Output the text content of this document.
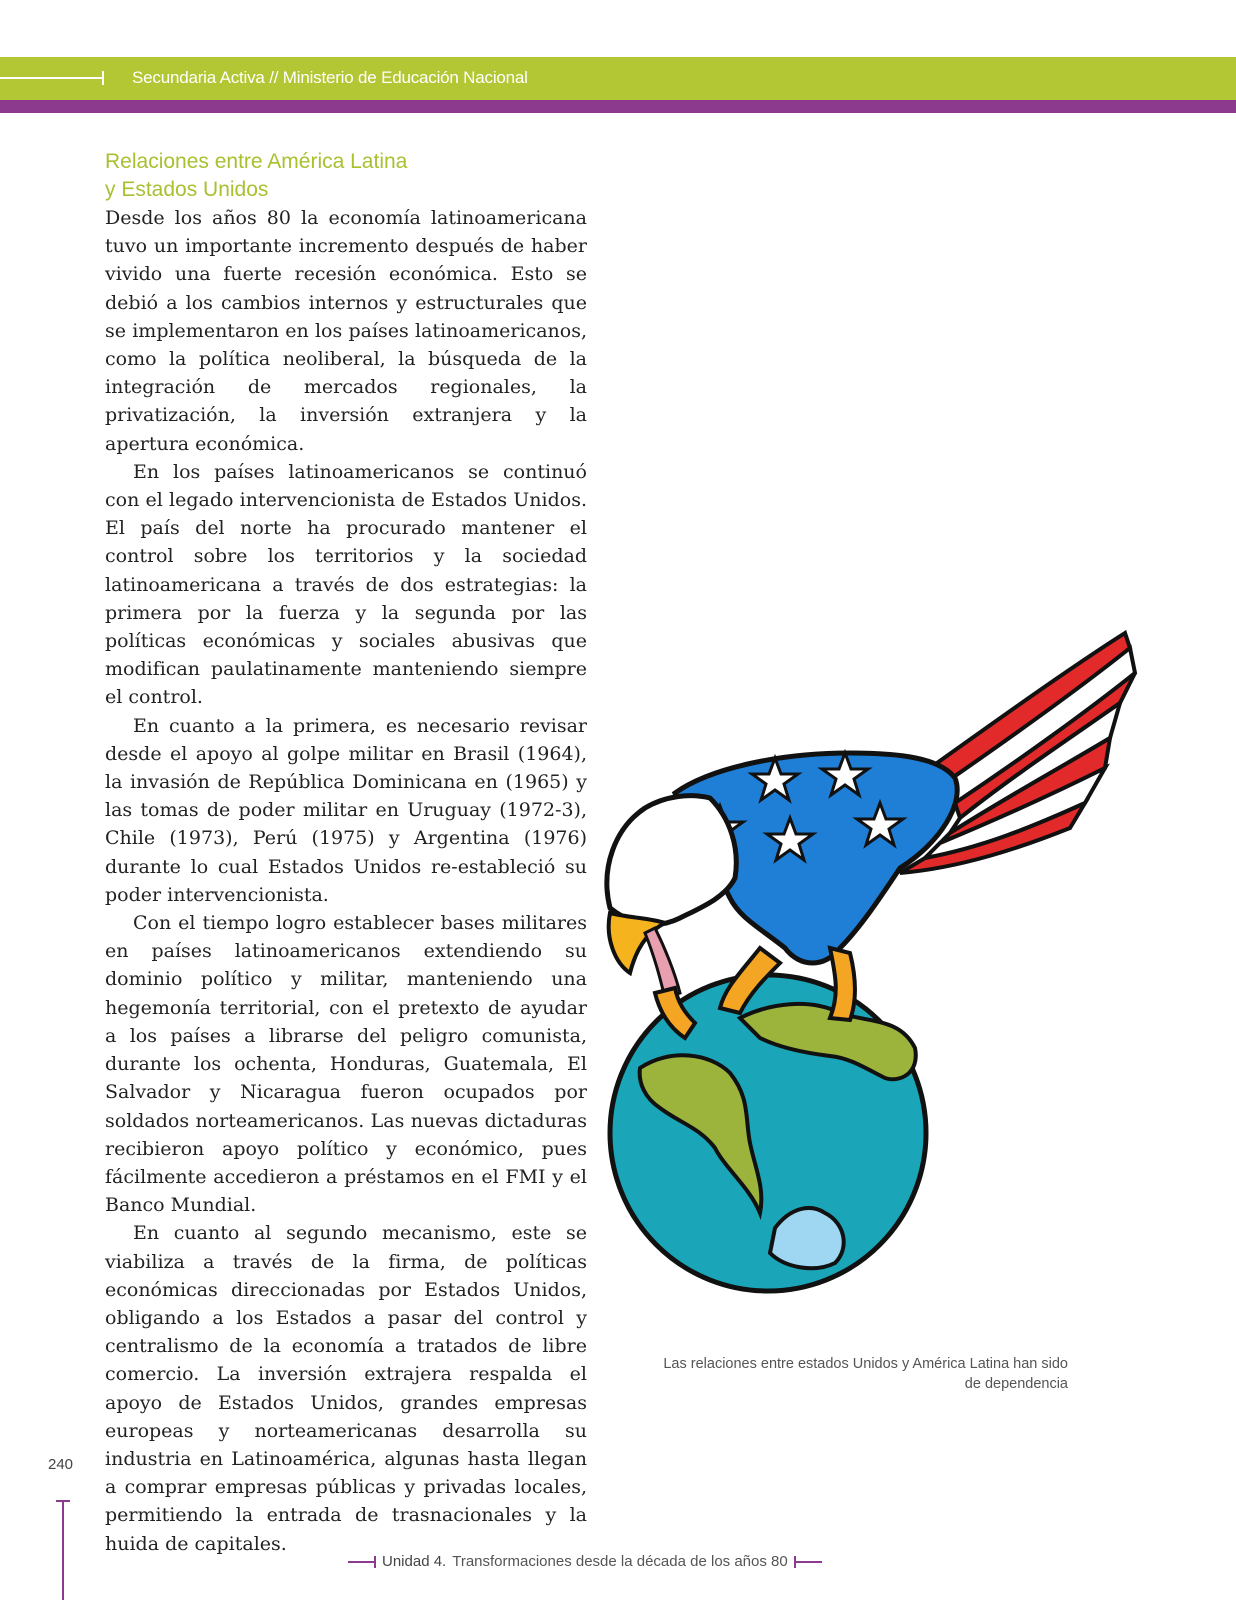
Secundaria Activa // Ministerio de Educación Nacional
Relaciones entre América Latina
y Estados Unidos

Desde los años 80 la economía latinoamericana tuvo un importante incremento después de haber vivido una fuerte recesión económica. Esto se debió a los cambios internos y estructurales que se implementaron en los países latinoamericanos, como la política neoliberal, la búsqueda de la integración de mercados regionales, la privatización, la inversión extranjera y la apertura económica.

En los países latinoamericanos se continuó con el legado intervencionista de Estados Unidos. El país del norte ha procurado mantener el control sobre los territorios y la sociedad latinoamericana a través de dos estrategias: la primera por la fuerza y la segunda por las políticas económicas y sociales abusivas que modifican paulatinamente manteniendo siempre el control.

En cuanto a la primera, es necesario revisar desde el apoyo al golpe militar en Brasil (1964), la invasión de República Dominicana en (1965) y las tomas de poder militar en Uruguay (1972-3), Chile (1973), Perú (1975) y Argentina (1976) durante lo cual Estados Unidos re-estableció su poder intervencionista.

Con el tiempo logro establecer bases militares en países latinoamericanos extendiendo su dominio político y militar, manteniendo una hegemonía territorial, con el pretexto de ayudar a los países a librarse del peligro comunista, durante los ochenta, Honduras, Guatemala, El Salvador y Nicaragua fueron ocupados por soldados norteamericanos. Las nuevas dictaduras recibieron apoyo político y económico, pues fácilmente accedieron a préstamos en el FMI y el Banco Mundial.

En cuanto al segundo mecanismo, este se viabiliza a través de la firma, de políticas económicas direccionadas por Estados Unidos, obligando a los Estados a pasar del control y centralismo de la economía a tratados de libre comercio. La inversión extrajera respalda el apoyo de Estados Unidos, grandes empresas europeas y norteamericanas desarrolla su industria en Latinoamérica, algunas hasta llegan a comprar empresas públicas y privadas locales, permitiendo la entrada de trasnacionales y la huida de capitales.

Las relaciones entre estados Unidos y América Latina han sido
de dependencia
240
Unidad 4. Transformaciones desde la década de los años 80
